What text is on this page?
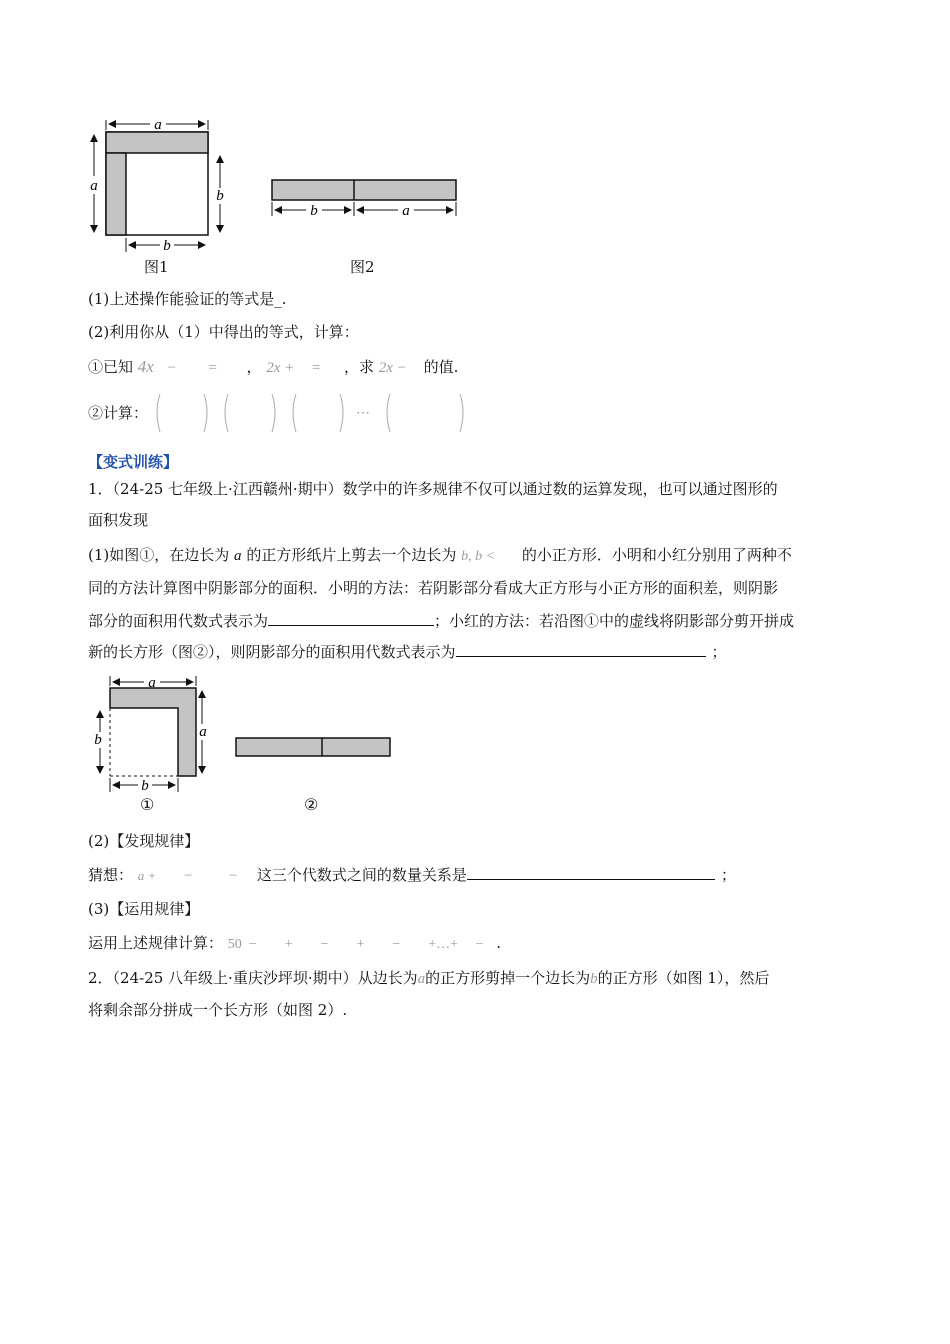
a
a
b
b
b	a
图1	图2
(1)上述操作能验证的等式是_.
(2)利用你从（1）中得出的等式，计算：
①已知 4x − = ， 2x + = ，求 2x − 的值.
②计算：	⋯
【变式训练】
1．（24-25 七年级上·江西赣州·期中）数学中的许多规律不仅可以通过数的运算发现，也可以通过图形的
面积发现
(1)如图①，在边长为 a 的正方形纸片上剪去一个边长为 b, b < 的小正方形．小明和小红分别用了两种不
同的方法计算图中阴影部分的面积．小明的方法：若阴影部分看成大正方形与小正方形的面积差，则阴影
部分的面积用代数式表示为	；小红的方法：若沿图①中的虚线将阴影部分剪开拼成
新的长方形（图②），则阴影部分的面积用代数式表示为	；
a
b	a
b
①	②
(2)【发现规律】
猜想： a + − − 这三个代数式之间的数量关系是	；
(3)【运用规律】
运用上述规律计算： 50  −        +        −        +        −        +…+     − .
2．（24-25 八年级上·重庆沙坪坝·期中）从边长为a的正方形剪掉一个边长为b的正方形（如图 1），然后
将剩余部分拼成一个长方形（如图 2）.
